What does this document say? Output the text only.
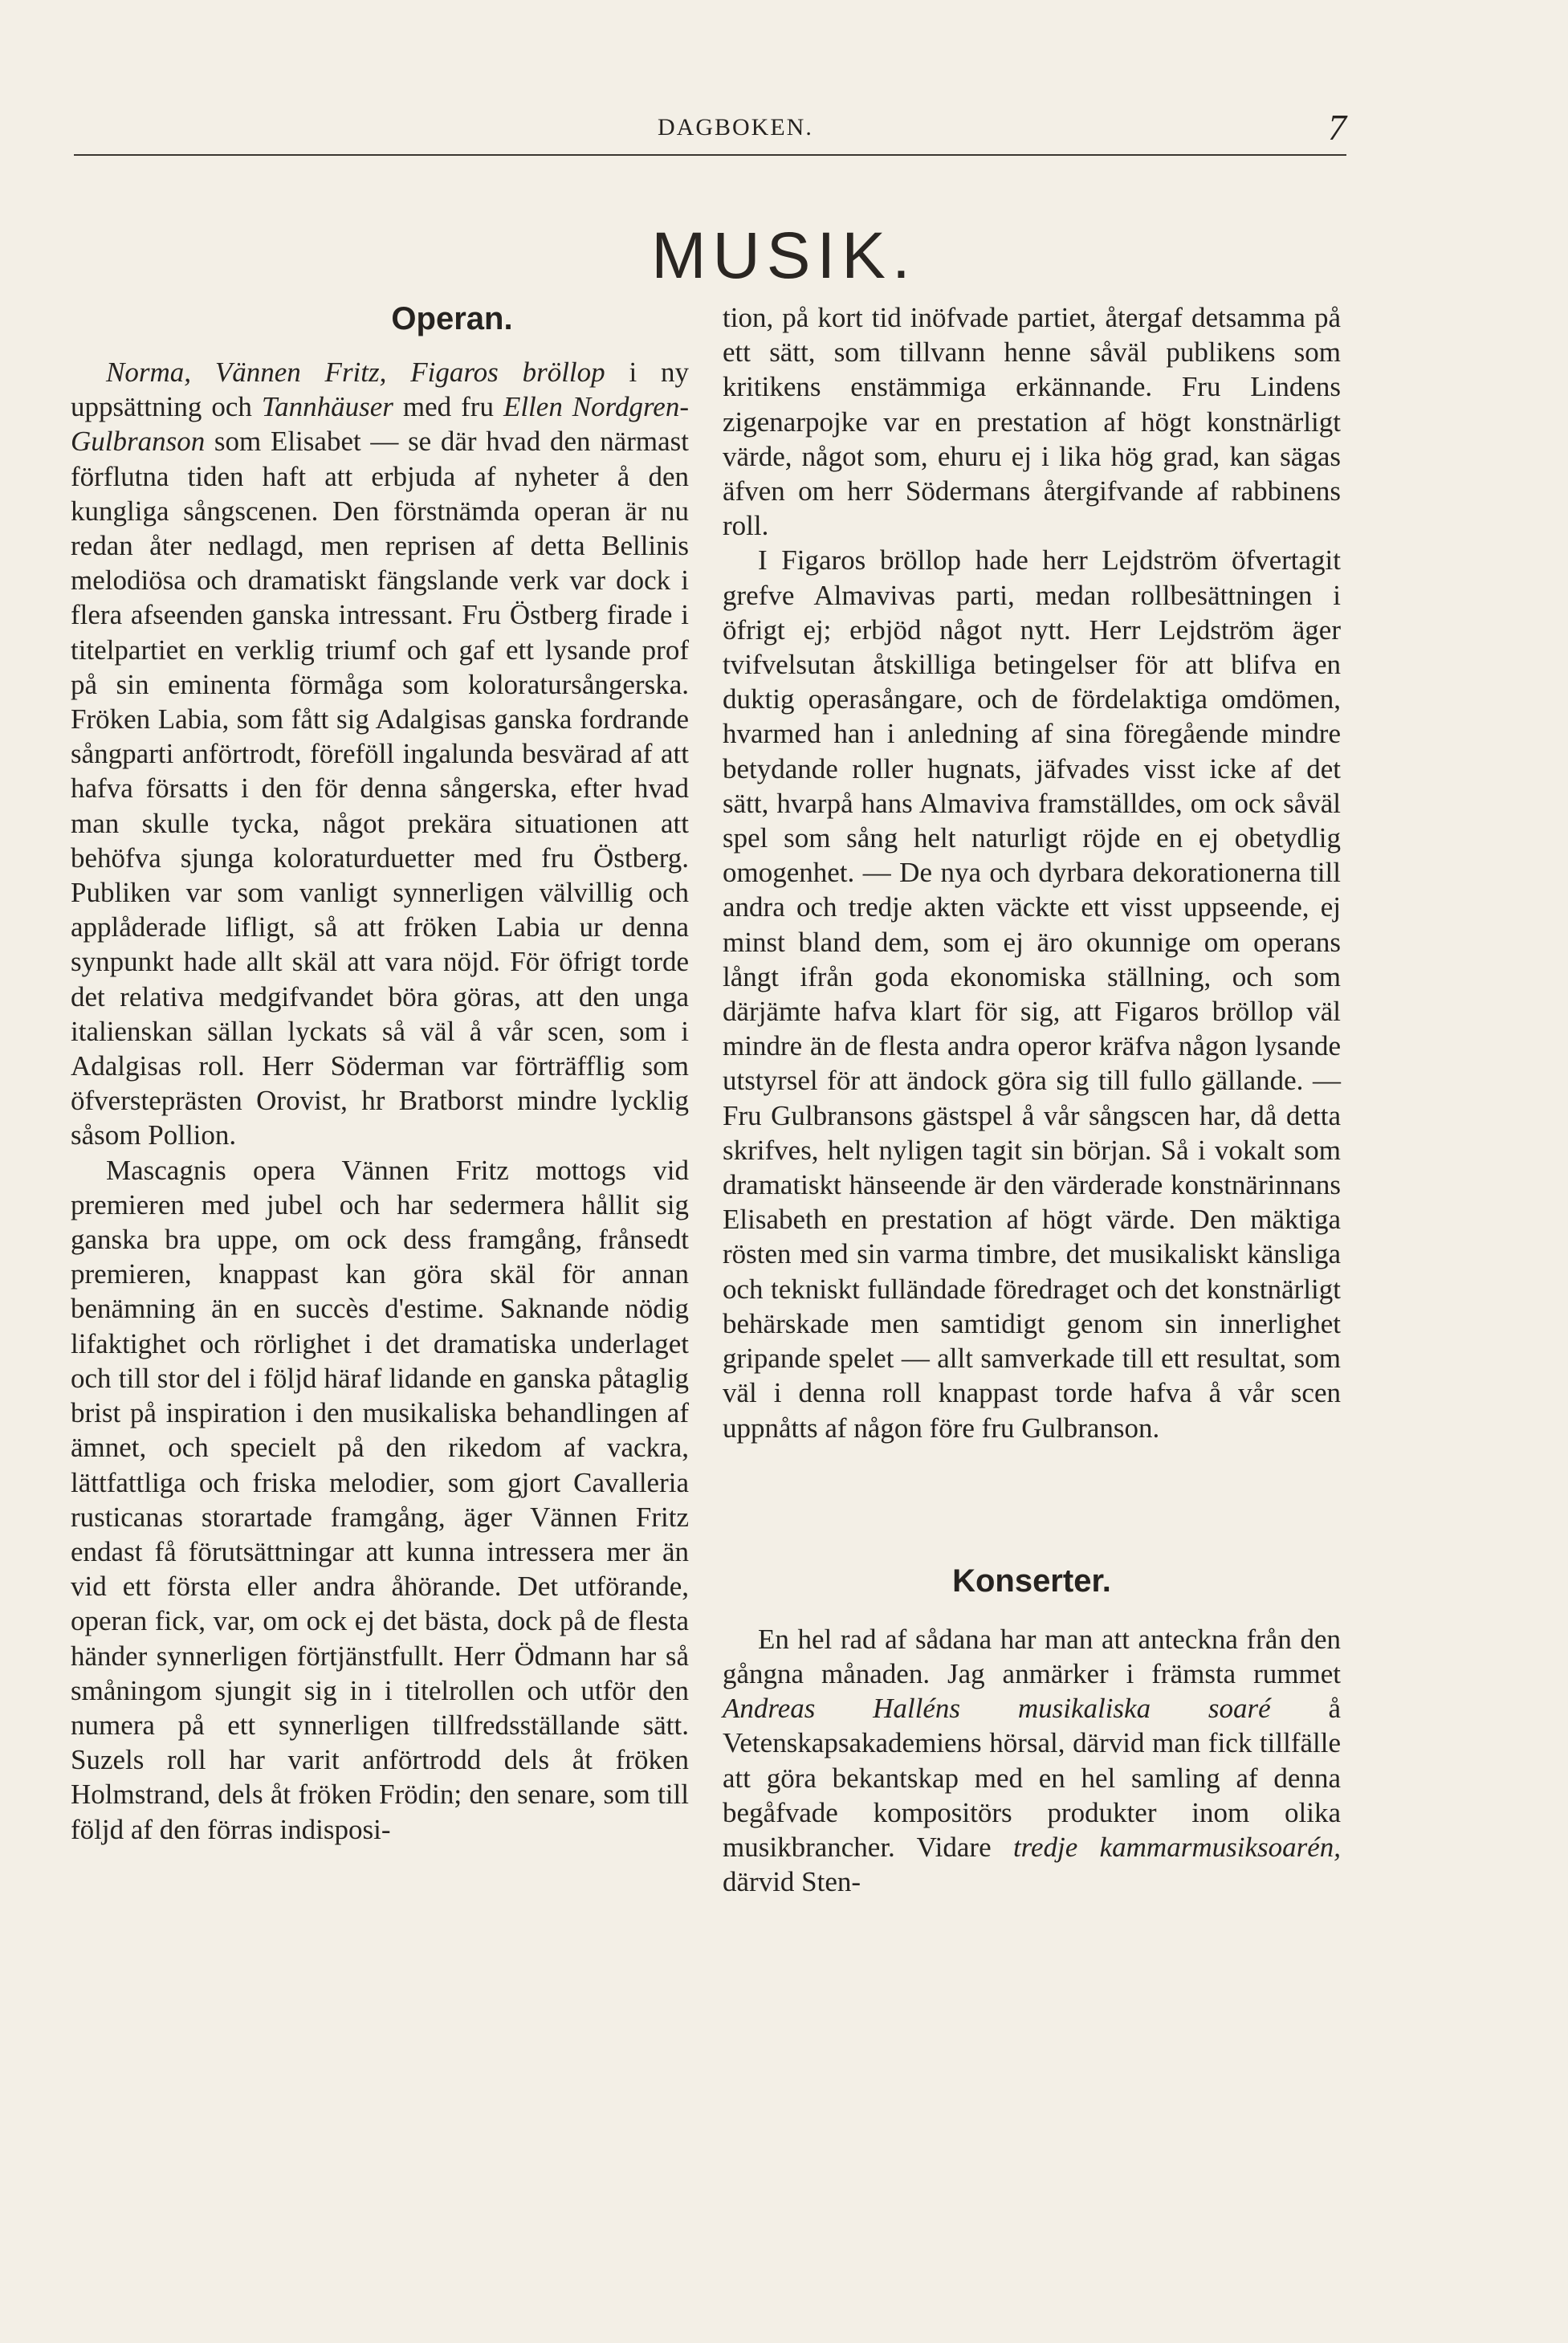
DAGBOKEN.	7
MUSIK.
Operan.

Norma, Vännen Fritz, Figaros bröllop i ny uppsättning och Tannhäuser med fru Ellen Nordgren-Gulbranson som Elisabet — se där hvad den närmast förflutna tiden haft att erbjuda af nyheter å den kungliga sångscenen. Den förstnämda operan är nu redan åter nedlagd, men reprisen af detta Bellinis melodiösa och dramatiskt fängslande verk var dock i flera afseenden ganska intressant. Fru Östberg firade i titelpartiet en verklig triumf och gaf ett lysande prof på sin eminenta förmåga som koloratursångerska. Fröken Labia, som fått sig Adalgisas ganska fordrande sångparti anförtrodt, föreföll ingalunda besvärad af att hafva försatts i den för denna sångerska, efter hvad man skulle tycka, något prekära situationen att behöfva sjunga koloraturduetter med fru Östberg. Publiken var som vanligt synnerligen välvillig och applåderade lifligt, så att fröken Labia ur denna synpunkt hade allt skäl att vara nöjd. För öfrigt torde det relativa medgifvandet böra göras, att den unga italienskan sällan lyckats så väl å vår scen, som i Adalgisas roll. Herr Söderman var förträfflig som öfversteprästen Orovist, hr Bratborst mindre lycklig såsom Pollion.

Mascagnis opera Vännen Fritz mottogs vid premieren med jubel och har sedermera hållit sig ganska bra uppe, om ock dess framgång, frånsedt premieren, knappast kan göra skäl för annan benämning än en succès d'estime. Saknande nödig lifaktighet och rörlighet i det dramatiska underlaget och till stor del i följd häraf lidande en ganska påtaglig brist på inspiration i den musikaliska behandlingen af ämnet, och specielt på den rikedom af vackra, lättfattliga och friska melodier, som gjort Cavalleria rusticanas storartade framgång, äger Vännen Fritz endast få förutsättningar att kunna intressera mer än vid ett första eller andra åhörande. Det utförande, operan fick, var, om ock ej det bästa, dock på de flesta händer synnerligen förtjänstfullt. Herr Ödmann har så småningom sjungit sig in i titelrollen och utför den numera på ett synnerligen tillfredsställande sätt. Suzels roll har varit anförtrodd dels åt fröken Holmstrand, dels åt fröken Frödin; den senare, som till följd af den förras indisposi-

tion, på kort tid inöfvade partiet, återgaf detsamma på ett sätt, som tillvann henne såväl publikens som kritikens enstämmiga erkännande. Fru Lindens zigenarpojke var en prestation af högt konstnärligt värde, något som, ehuru ej i lika hög grad, kan sägas äfven om herr Södermans återgifvande af rabbinens roll.

I Figaros bröllop hade herr Lejdström öfvertagit grefve Almavivas parti, medan rollbesättningen i öfrigt ej; erbjöd något nytt. Herr Lejdström äger tvifvelsutan åtskilliga betingelser för att blifva en duktig operasångare, och de fördelaktiga omdömen, hvarmed han i anledning af sina föregående mindre betydande roller hugnats, jäfvades visst icke af det sätt, hvarpå hans Almaviva framställdes, om ock såväl spel som sång helt naturligt röjde en ej obetydlig omogenhet. — De nya och dyrbara dekorationerna till andra och tredje akten väckte ett visst uppseende, ej minst bland dem, som ej äro okunnige om operans långt ifrån goda ekonomiska ställning, och som därjämte hafva klart för sig, att Figaros bröllop väl mindre än de flesta andra operor kräfva någon lysande utstyrsel för att ändock göra sig till fullo gällande. — Fru Gulbransons gästspel å vår sångscen har, då detta skrifves, helt nyligen tagit sin början. Så i vokalt som dramatiskt hänseende är den värderade konstnärinnans Elisabeth en prestation af högt värde. Den mäktiga rösten med sin varma timbre, det musikaliskt känsliga och tekniskt fulländade föredraget och det konstnärligt behärskade men samtidigt genom sin innerlighet gripande spelet — allt samverkade till ett resultat, som väl i denna roll knappast torde hafva å vår scen uppnåtts af någon före fru Gulbranson.

Konserter.

En hel rad af sådana har man att anteckna från den gångna månaden. Jag anmärker i främsta rummet Andreas Halléns musikaliska soaré å Vetenskapsakademiens hörsal, därvid man fick tillfälle att göra bekantskap med en hel samling af denna begåfvade kompositörs produkter inom olika musikbrancher. Vidare tredje kammarmusiksoarén, därvid Sten-
